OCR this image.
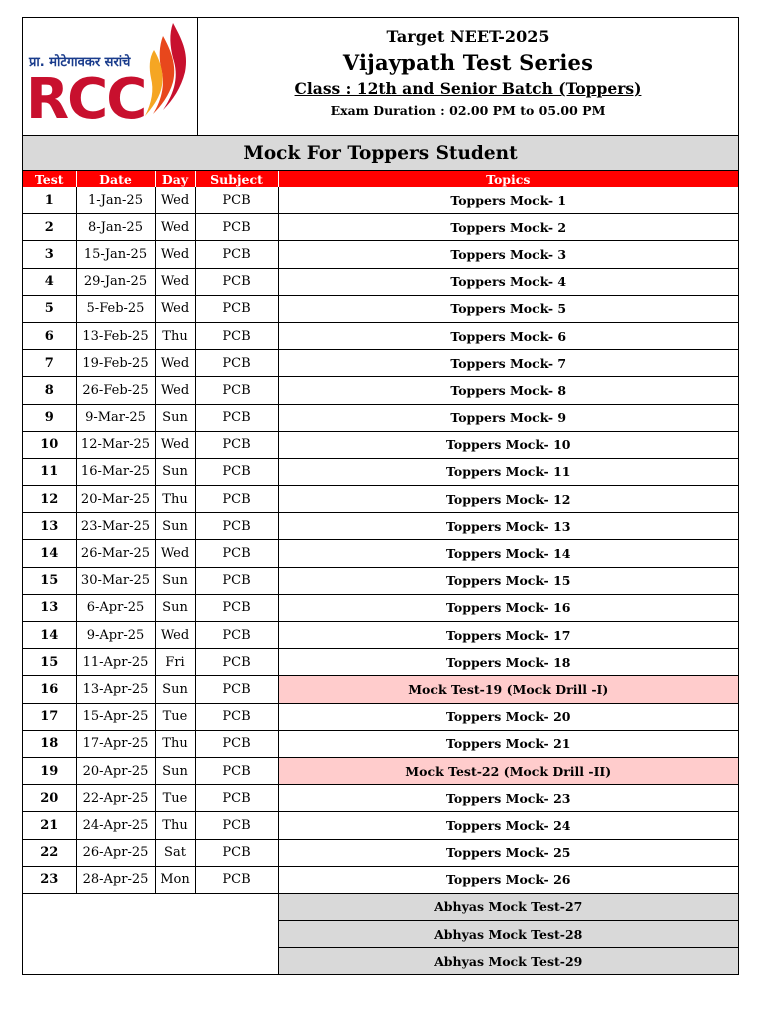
प्रा. मोटेगावकर सरांचे
RCC
Target NEET-2025
Vijaypath Test Series
Class : 12th and Senior Batch (Toppers)
Exam Duration : 02.00 PM to 05.00 PM
Mock For Toppers Student
Test	Date	Day	Subject	Topics
1	1-Jan-25	Wed	PCB	Toppers Mock- 1
2	8-Jan-25	Wed	PCB	Toppers Mock- 2
3	15-Jan-25	Wed	PCB	Toppers Mock- 3
4	29-Jan-25	Wed	PCB	Toppers Mock- 4
5	5-Feb-25	Wed	PCB	Toppers Mock- 5
6	13-Feb-25	Thu	PCB	Toppers Mock- 6
7	19-Feb-25	Wed	PCB	Toppers Mock- 7
8	26-Feb-25	Wed	PCB	Toppers Mock- 8
9	9-Mar-25	Sun	PCB	Toppers Mock- 9
10	12-Mar-25	Wed	PCB	Toppers Mock- 10
11	16-Mar-25	Sun	PCB	Toppers Mock- 11
12	20-Mar-25	Thu	PCB	Toppers Mock- 12
13	23-Mar-25	Sun	PCB	Toppers Mock- 13
14	26-Mar-25	Wed	PCB	Toppers Mock- 14
15	30-Mar-25	Sun	PCB	Toppers Mock- 15
13	6-Apr-25	Sun	PCB	Toppers Mock- 16
14	9-Apr-25	Wed	PCB	Toppers Mock- 17
15	11-Apr-25	Fri	PCB	Toppers Mock- 18
16	13-Apr-25	Sun	PCB	Mock Test-19 (Mock Drill -I)
17	15-Apr-25	Tue	PCB	Toppers Mock- 20
18	17-Apr-25	Thu	PCB	Toppers Mock- 21
19	20-Apr-25	Sun	PCB	Mock Test-22 (Mock Drill -II)
20	22-Apr-25	Tue	PCB	Toppers Mock- 23
21	24-Apr-25	Thu	PCB	Toppers Mock- 24
22	26-Apr-25	Sat	PCB	Toppers Mock- 25
23	28-Apr-25	Mon	PCB	Toppers Mock- 26
				Abhyas Mock Test-27
				Abhyas Mock Test-28
				Abhyas Mock Test-29
